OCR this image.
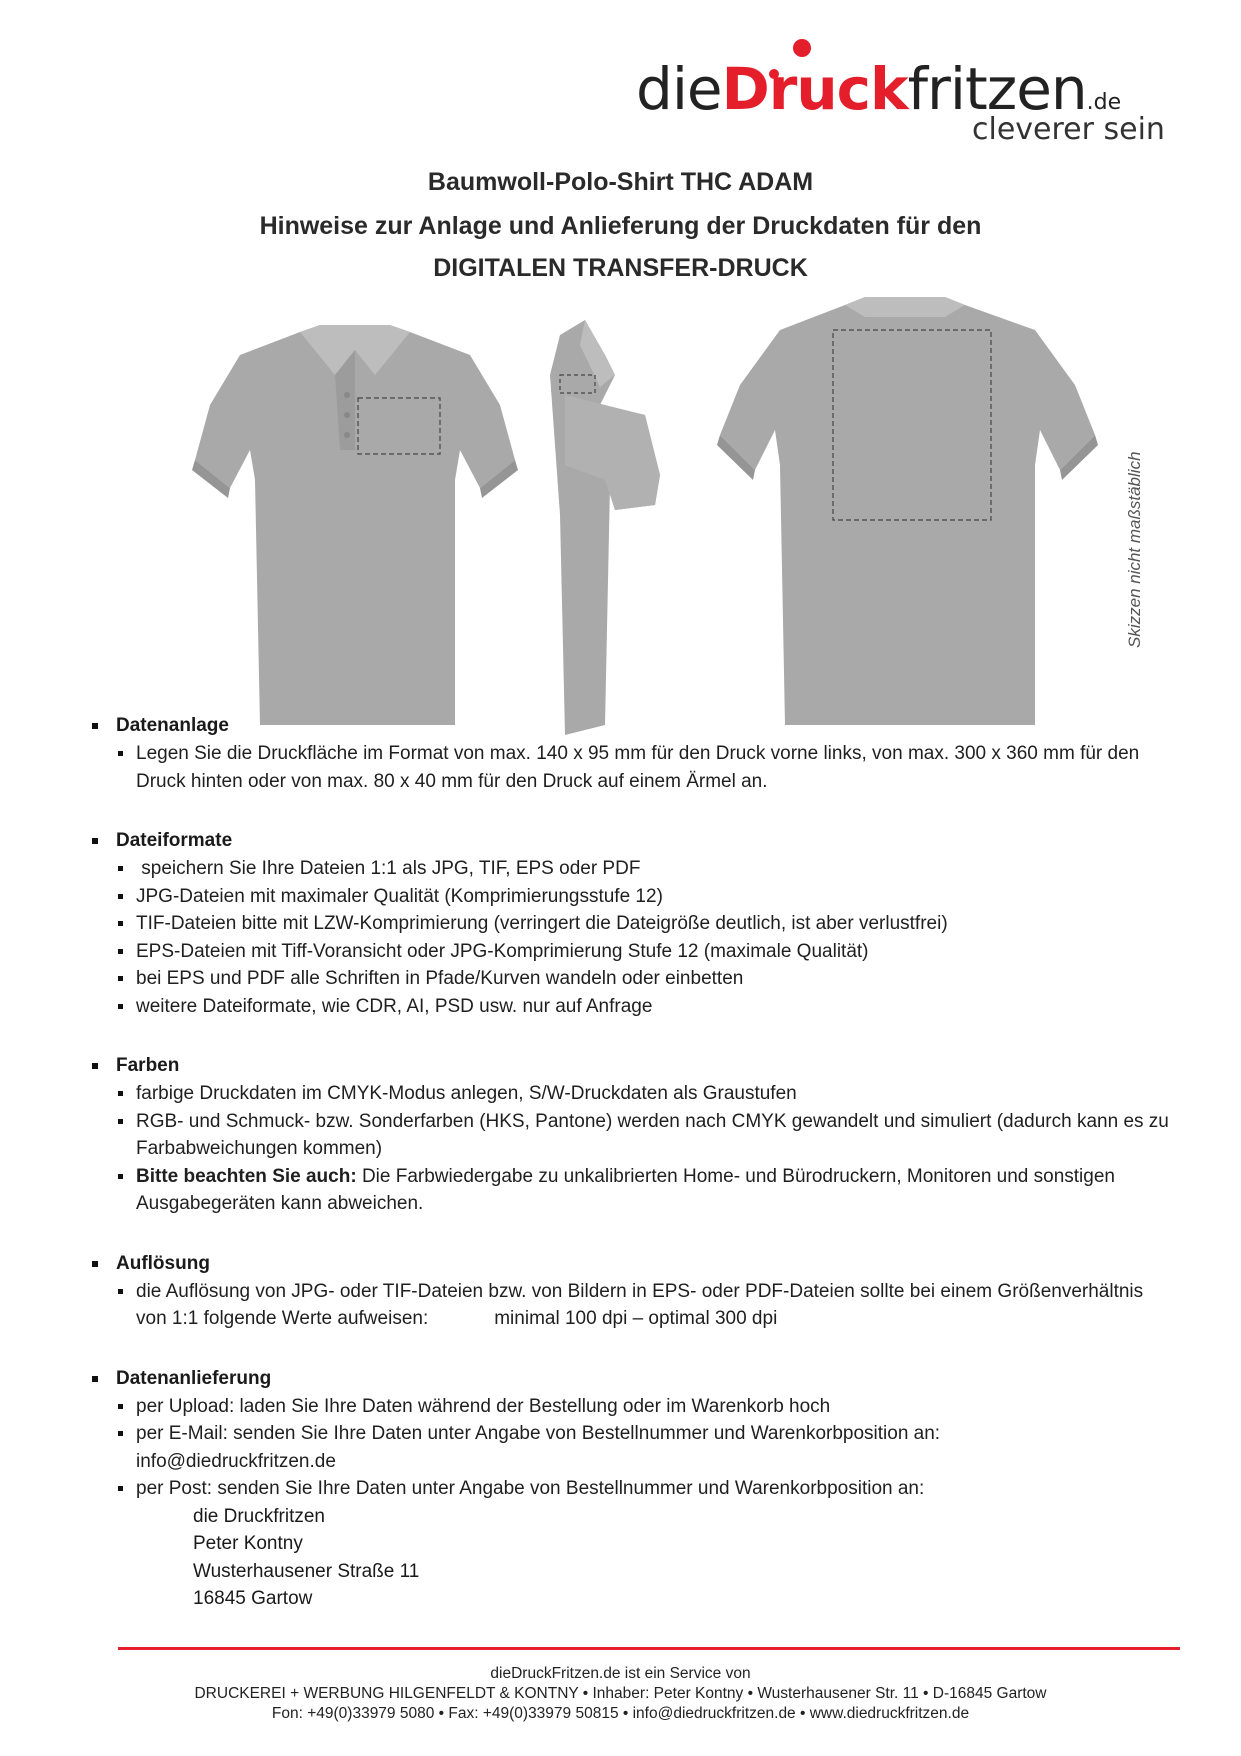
dieDruckfritzen.de
cleverer sein
Baumwoll-Polo-Shirt THC ADAM
Hinweise zur Anlage und Anlieferung der Druckdaten für den
DIGITALEN TRANSFER-DRUCK
Skizzen nicht maßstäblich
Datenanlage
Legen Sie die Druckfläche im Format von max. 140 x 95 mm für den Druck vorne links, von max. 300 x 360 mm für den Druck hinten oder von max. 80 x 40 mm für den Druck auf einem Ärmel an.
Dateiformate
speichern Sie Ihre Dateien 1:1 als JPG, TIF, EPS oder PDF
JPG-Dateien mit maximaler Qualität (Komprimierungsstufe 12)
TIF-Dateien bitte mit LZW-Komprimierung (verringert die Dateigröße deutlich, ist aber verlustfrei)
EPS-Dateien mit Tiff-Voransicht oder JPG-Komprimierung Stufe 12 (maximale Qualität)
bei EPS und PDF alle Schriften in Pfade/Kurven wandeln oder einbetten
weitere Dateiformate, wie CDR, AI, PSD usw. nur auf Anfrage
Farben
farbige Druckdaten im CMYK-Modus anlegen, S/W-Druckdaten als Graustufen
RGB- und Schmuck- bzw. Sonderfarben (HKS, Pantone) werden nach CMYK gewandelt und simuliert (dadurch kann es zu Farbabweichungen kommen)
Bitte beachten Sie auch: Die Farbwiedergabe zu unkalibrierten Home- und Bürodruckern, Monitoren und sonstigen Ausgabegeräten kann abweichen.
Auflösung
die Auflösung von JPG- oder TIF-Dateien bzw. von Bildern in EPS- oder PDF-Dateien sollte bei einem Größenverhältnis von 1:1 folgende Werte aufweisen:	minimal 100 dpi – optimal 300 dpi
Datenanlieferung
per Upload: laden Sie Ihre Daten während der Bestellung oder im Warenkorb hoch
per E-Mail: senden Sie Ihre Daten unter Angabe von Bestellnummer und Warenkorbposition an:
info@diedruckfritzen.de
per Post: senden Sie Ihre Daten unter Angabe von Bestellnummer und Warenkorbposition an:
die Druckfritzen
Peter Kontny
Wusterhausener Straße 11
16845 Gartow
dieDruckFritzen.de ist ein Service von
DRUCKEREI + WERBUNG HILGENFELDT & KONTNY • Inhaber: Peter Kontny • Wusterhausener Str. 11 • D-16845 Gartow
Fon: +49(0)33979 5080 • Fax: +49(0)33979 50815 • info@diedruckfritzen.de • www.diedruckfritzen.de
